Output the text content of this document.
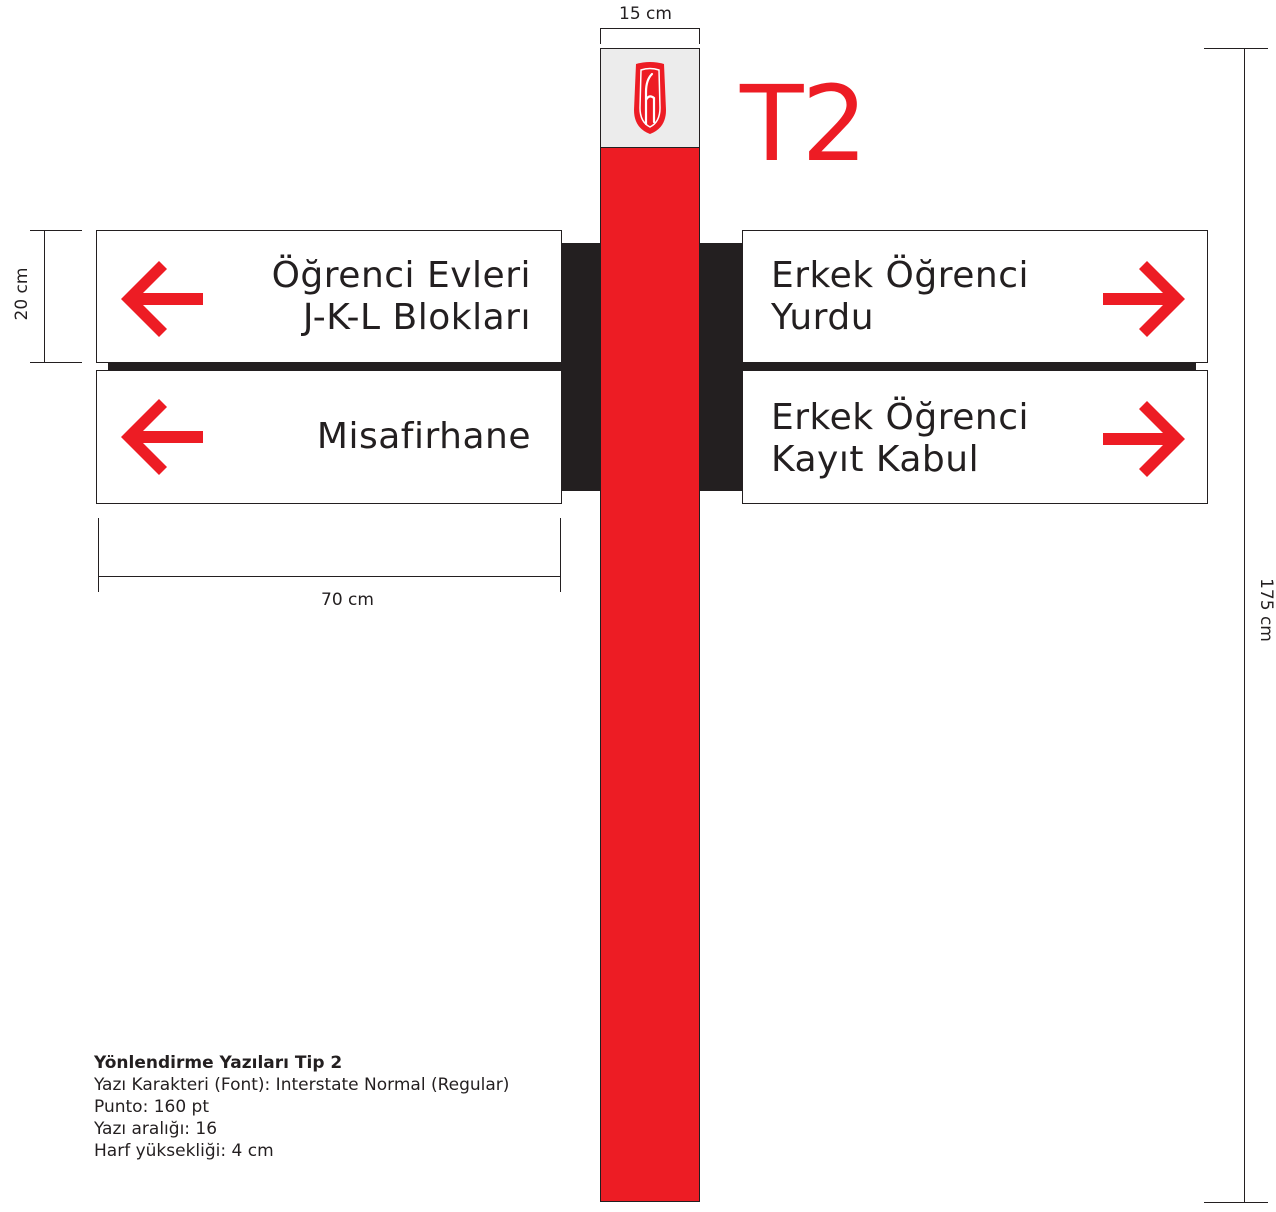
15 cm
T2
20 cm	Öğrenci Evleri
J-K-L Blokları
Misafirhane
Erkek Öğrenci
Yurdu
Erkek Öğrenci
Kayıt Kabul
70 cm	175 cm
Yönlendirme Yazıları Tip 2
Yazı Karakteri (Font): Interstate Normal (Regular)
Punto: 160 pt
Yazı aralığı: 16
Harf yüksekliği: 4 cm
